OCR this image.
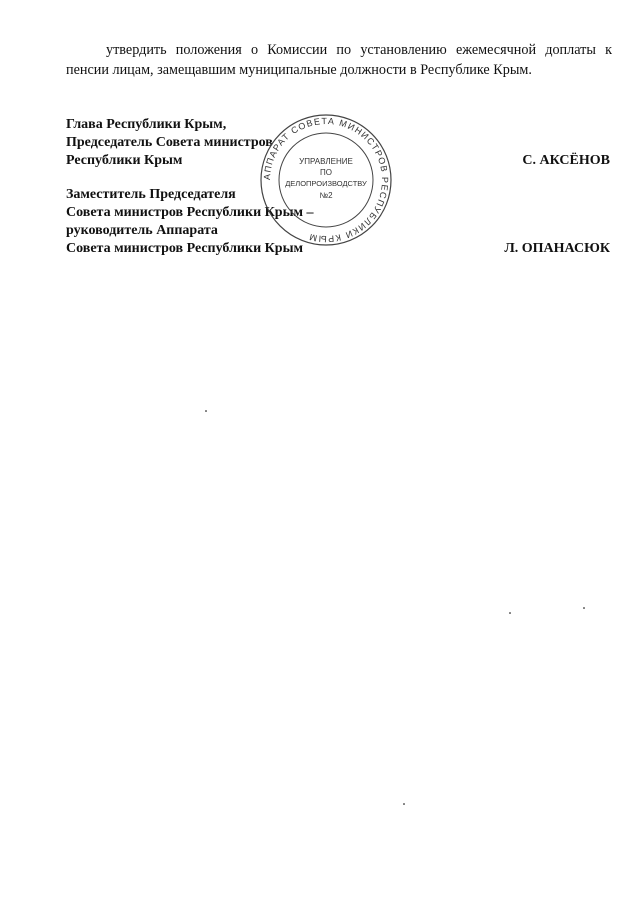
утвердить положения о Комиссии по установлению ежемесячной доплаты к пенсии лицам, замещавшим муниципальные должности в Республике Крым.
Глава Республики Крым,
Председатель Совета министров
Республики Крым	С. АКСЁНОВ
Заместитель Председателя
Совета министров Республики Крым –
руководитель Аппарата
Совета министров Республики Крым	Л. ОПАНАСЮК
АППАРАТ СОВЕТА МИНИСТРОВ РЕСПУБЛИКИ КРЫМ
УПРАВЛЕНИЕ
ПО
ДЕЛОПРОИЗВОДСТВУ
№2
